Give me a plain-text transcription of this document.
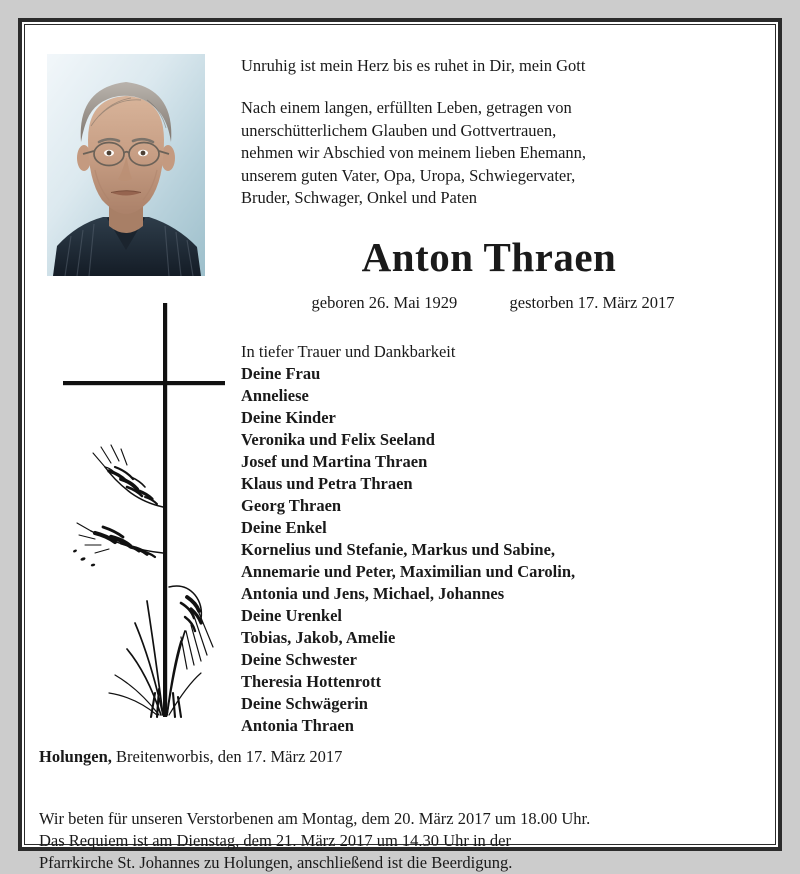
Unruhig ist mein Herz bis es ruhet in Dir, mein Gott
Nach einem langen, erfüllten Leben, getragen von
unerschütterlichem Glauben und Gottvertrauen,
nehmen wir Abschied von meinem lieben Ehemann,
unserem guten Vater, Opa, Uropa, Schwiegervater,
Bruder, Schwager, Onkel und Paten
Anton Thraen
geboren 26. Mai 1929	gestorben 17. März 2017
In tiefer Trauer und Dankbarkeit
Deine Frau
Anneliese
Deine Kinder
Veronika und Felix Seeland
Josef und Martina Thraen
Klaus und Petra Thraen
Georg Thraen
Deine Enkel
Kornelius und Stefanie, Markus und Sabine,
Annemarie und Peter, Maximilian und Carolin,
Antonia und Jens, Michael, Johannes
Deine Urenkel
Tobias, Jakob, Amelie
Deine Schwester
Theresia Hottenrott
Deine Schwägerin
Antonia Thraen
Holungen, Breitenworbis, den 17. März 2017
Wir beten für unseren Verstorbenen am Montag, dem 20. März 2017 um 18.00 Uhr.
Das Requiem ist am Dienstag, dem 21. März 2017 um 14.30 Uhr in der
Pfarrkirche St. Johannes zu Holungen, anschließend ist die Beerdigung.
